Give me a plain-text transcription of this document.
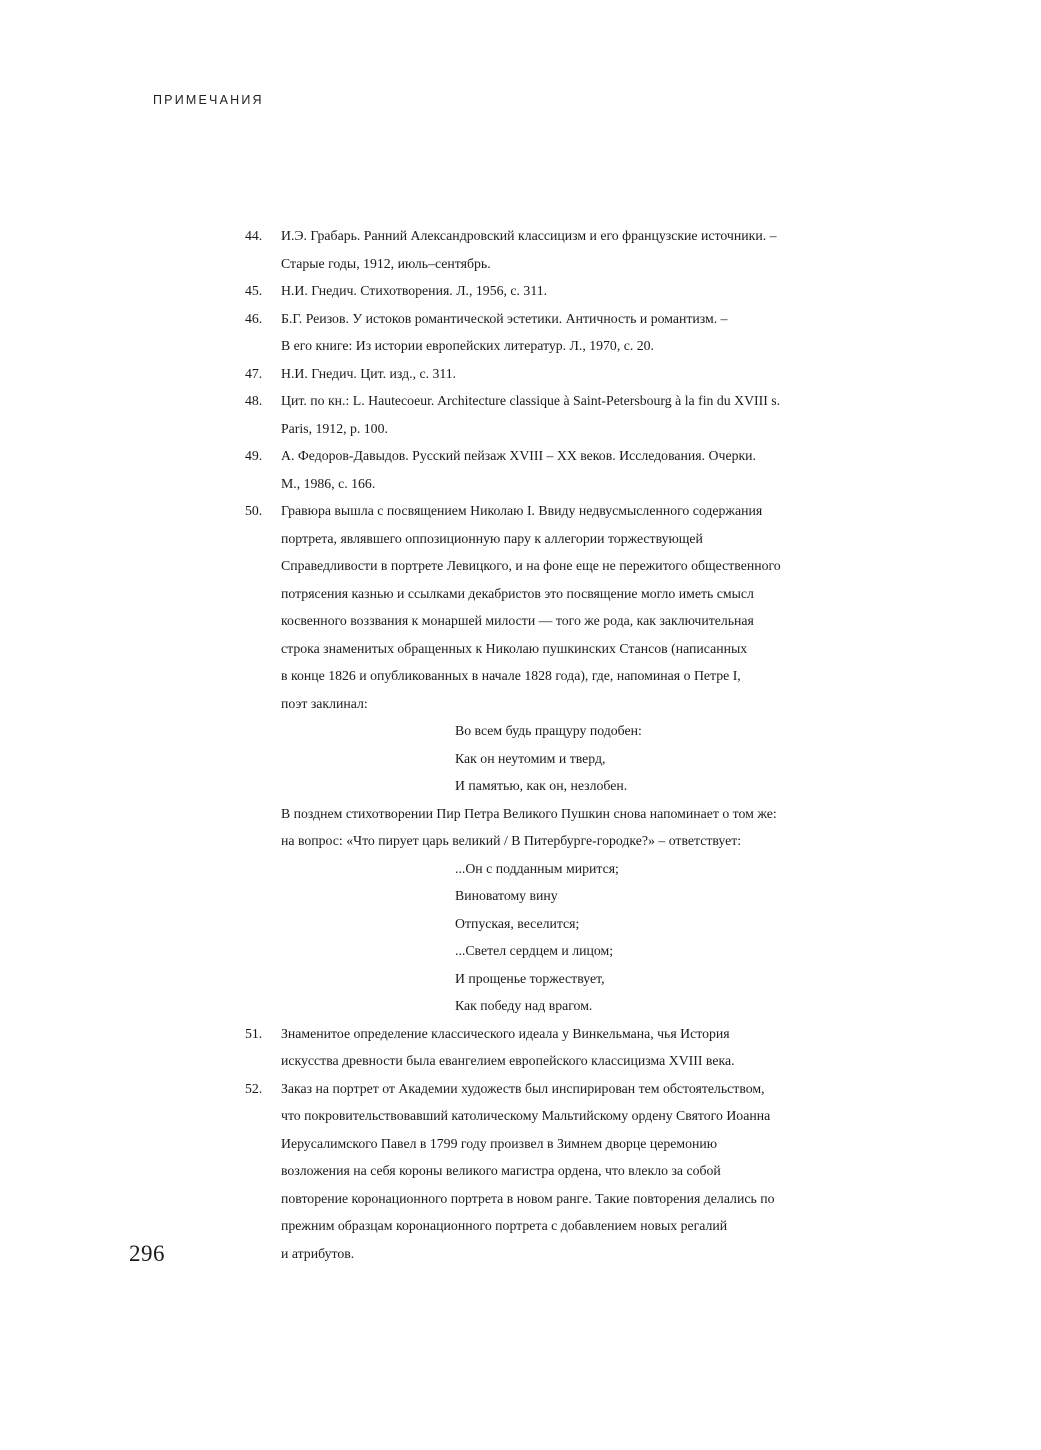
ПРИМЕЧАНИЯ
44.	И.Э. Грабарь. Ранний Александровский классицизм и его французские источники. –
Старые годы, 1912, июль–сентябрь.
45.	Н.И. Гнедич. Стихотворения. Л., 1956, с. 311.
46.	Б.Г. Реизов. У истоков романтической эстетики. Античность и романтизм. –
В его книге: Из истории европейских литератур. Л., 1970, с. 20.
47.	Н.И. Гнедич. Цит. изд., с. 311.
48.	Цит. по кн.: L. Hautecoeur. Architecture classique à Saint-Petersbourg à la fin du XVIII s.
Paris, 1912, p. 100.
49.	А. Федоров-Давыдов. Русский пейзаж XVIII – XX веков. Исследования. Очерки.
М., 1986, с. 166.
50.	Гравюра вышла с посвящением Николаю I. Ввиду недвусмысленного содержания
портрета, являвшего оппозиционную пару к аллегории торжествующей
Справедливости в портрете Левицкого, и на фоне еще не пережитого общественного
потрясения казнью и ссылками декабристов это посвящение могло иметь смысл
косвенного воззвания к монаршей милости — того же рода, как заключительная
строка знаменитых обращенных к Николаю пушкинских Стансов (написанных
в конце 1826 и опубликованных в начале 1828 года), где, напоминая о Петре I,
поэт заклинал:
Во всем будь пращуру подобен:
Как он неутомим и тверд,
И памятью, как он, незлобен.
В позднем стихотворении Пир Петра Великого Пушкин снова напоминает о том же:
на вопрос: «Что пирует царь великий / В Питербурге-городке?» – ответствует:
...Он с подданным мирится;
Виноватому вину
Отпуская, веселится;
...Светел сердцем и лицом;
И прощенье торжествует,
Как победу над врагом.
51.	Знаменитое определение классического идеала у Винкельмана, чья История
искусства древности была евангелием европейского классицизма XVIII века.
52.	Заказ на портрет от Академии художеств был инспирирован тем обстоятельством,
что покровительствовавший католическому Мальтийскому ордену Святого Иоанна
Иерусалимского Павел в 1799 году произвел в Зимнем дворце церемонию
возложения на себя короны великого магистра ордена, что влекло за собой
повторение коронационного портрета в новом ранге. Такие повторения делались по
прежним образцам коронационного портрета с добавлением новых регалий
и атрибутов.
296
